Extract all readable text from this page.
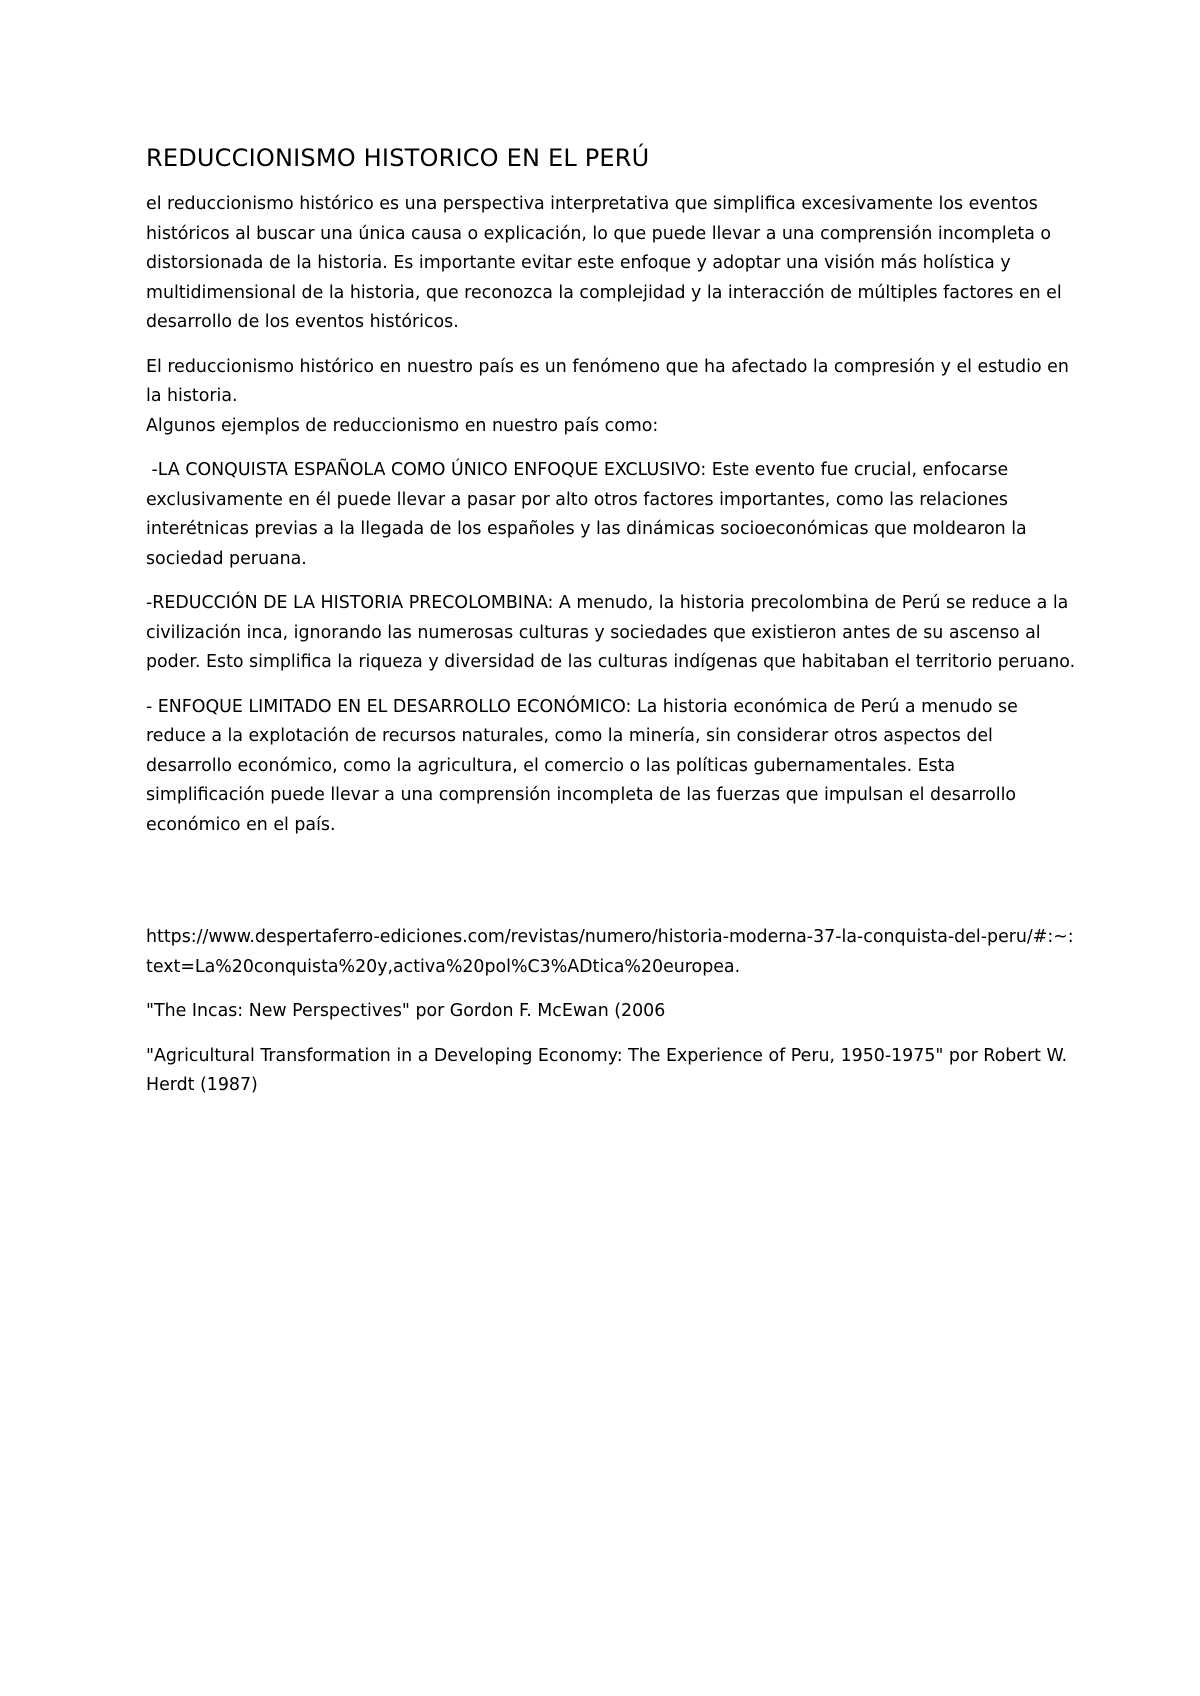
REDUCCIONISMO HISTORICO EN EL PERÚ

el reduccionismo histórico es una perspectiva interpretativa que simplifica excesivamente los eventos históricos al buscar una única causa o explicación, lo que puede llevar a una comprensión incompleta o distorsionada de la historia. Es importante evitar este enfoque y adoptar una visión más holística y multidimensional de la historia, que reconozca la complejidad y la interacción de múltiples factores en el desarrollo de los eventos históricos.

El reduccionismo histórico en nuestro país es un fenómeno que ha afectado la compresión y el estudio en la historia.

Algunos ejemplos de reduccionismo en nuestro país como:

-LA CONQUISTA ESPAÑOLA COMO ÚNICO ENFOQUE EXCLUSIVO: Este evento fue crucial, enfocarse exclusivamente en él puede llevar a pasar por alto otros factores importantes, como las relaciones interétnicas previas a la llegada de los españoles y las dinámicas socioeconómicas que moldearon la sociedad peruana.

-REDUCCIÓN DE LA HISTORIA PRECOLOMBINA: A menudo, la historia precolombina de Perú se reduce a la civilización inca, ignorando las numerosas culturas y sociedades que existieron antes de su ascenso al poder. Esto simplifica la riqueza y diversidad de las culturas indígenas que habitaban el territorio peruano.

- ENFOQUE LIMITADO EN EL DESARROLLO ECONÓMICO: La historia económica de Perú a menudo se reduce a la explotación de recursos naturales, como la minería, sin considerar otros aspectos del desarrollo económico, como la agricultura, el comercio o las políticas gubernamentales. Esta simplificación puede llevar a una comprensión incompleta de las fuerzas que impulsan el desarrollo económico en el país.

https://www.despertaferro-ediciones.com/revistas/numero/historia-moderna-37-la-conquista-del-peru/#:~:text=La%20conquista%20y,activa%20pol%C3%ADtica%20europea.

"The Incas: New Perspectives" por Gordon F. McEwan (2006

"Agricultural Transformation in a Developing Economy: The Experience of Peru, 1950-1975" por Robert W. Herdt (1987)
